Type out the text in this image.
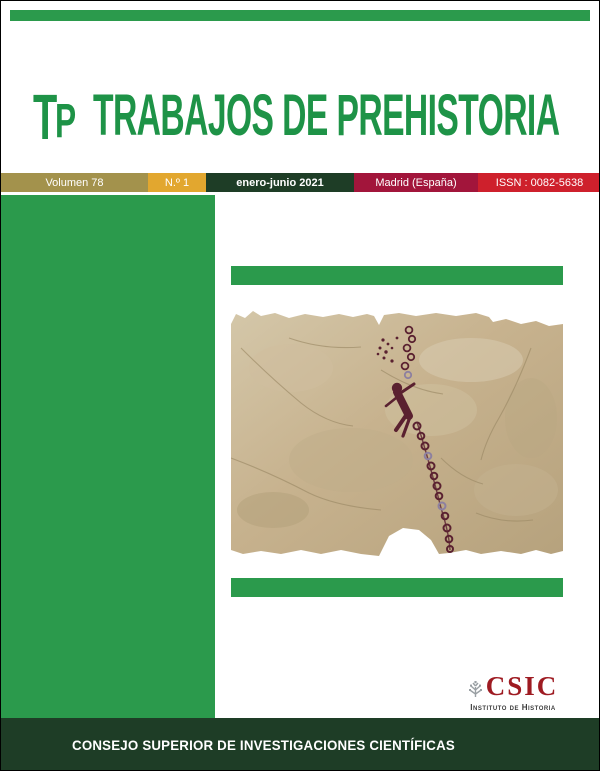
T
P TRABAJOS DE PREHISTORIA
Volumen 78	N.º 1	enero-junio 2021	Madrid (España)	ISSN : 0082-5638
CSIC
Instituto de Historia
CONSEJO SUPERIOR DE INVESTIGACIONES CIENTÍFICAS
